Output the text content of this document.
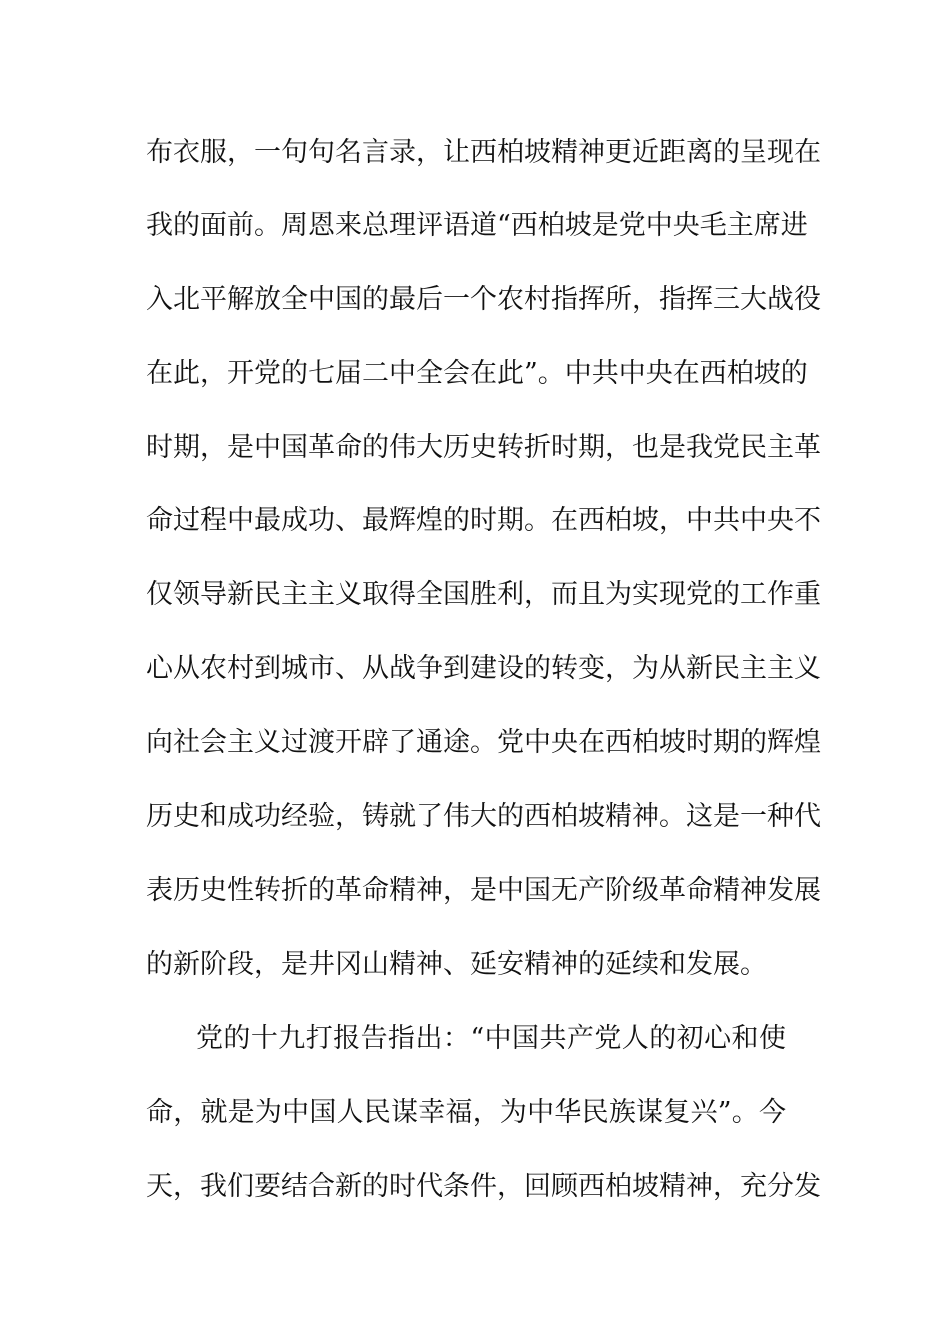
布衣服，一句句名言录，让西柏坡精神更近距离的呈现在
我的面前。周恩来总理评语道“西柏坡是党中央毛主席进
入北平解放全中国的最后一个农村指挥所，指挥三大战役
在此，开党的七届二中全会在此”。中共中央在西柏坡的
时期，是中国革命的伟大历史转折时期，也是我党民主革
命过程中最成功、最辉煌的时期。在西柏坡，中共中央不
仅领导新民主主义取得全国胜利，而且为实现党的工作重
心从农村到城市、从战争到建设的转变，为从新民主主义
向社会主义过渡开辟了通途。党中央在西柏坡时期的辉煌
历史和成功经验，铸就了伟大的西柏坡精神。这是一种代
表历史性转折的革命精神，是中国无产阶级革命精神发展
的新阶段，是井冈山精神、延安精神的延续和发展。
党的十九打报告指出：“中国共产党人的初心和使
命，就是为中国人民谋幸福，为中华民族谋复兴”。今
天，我们要结合新的时代条件，回顾西柏坡精神，充分发
